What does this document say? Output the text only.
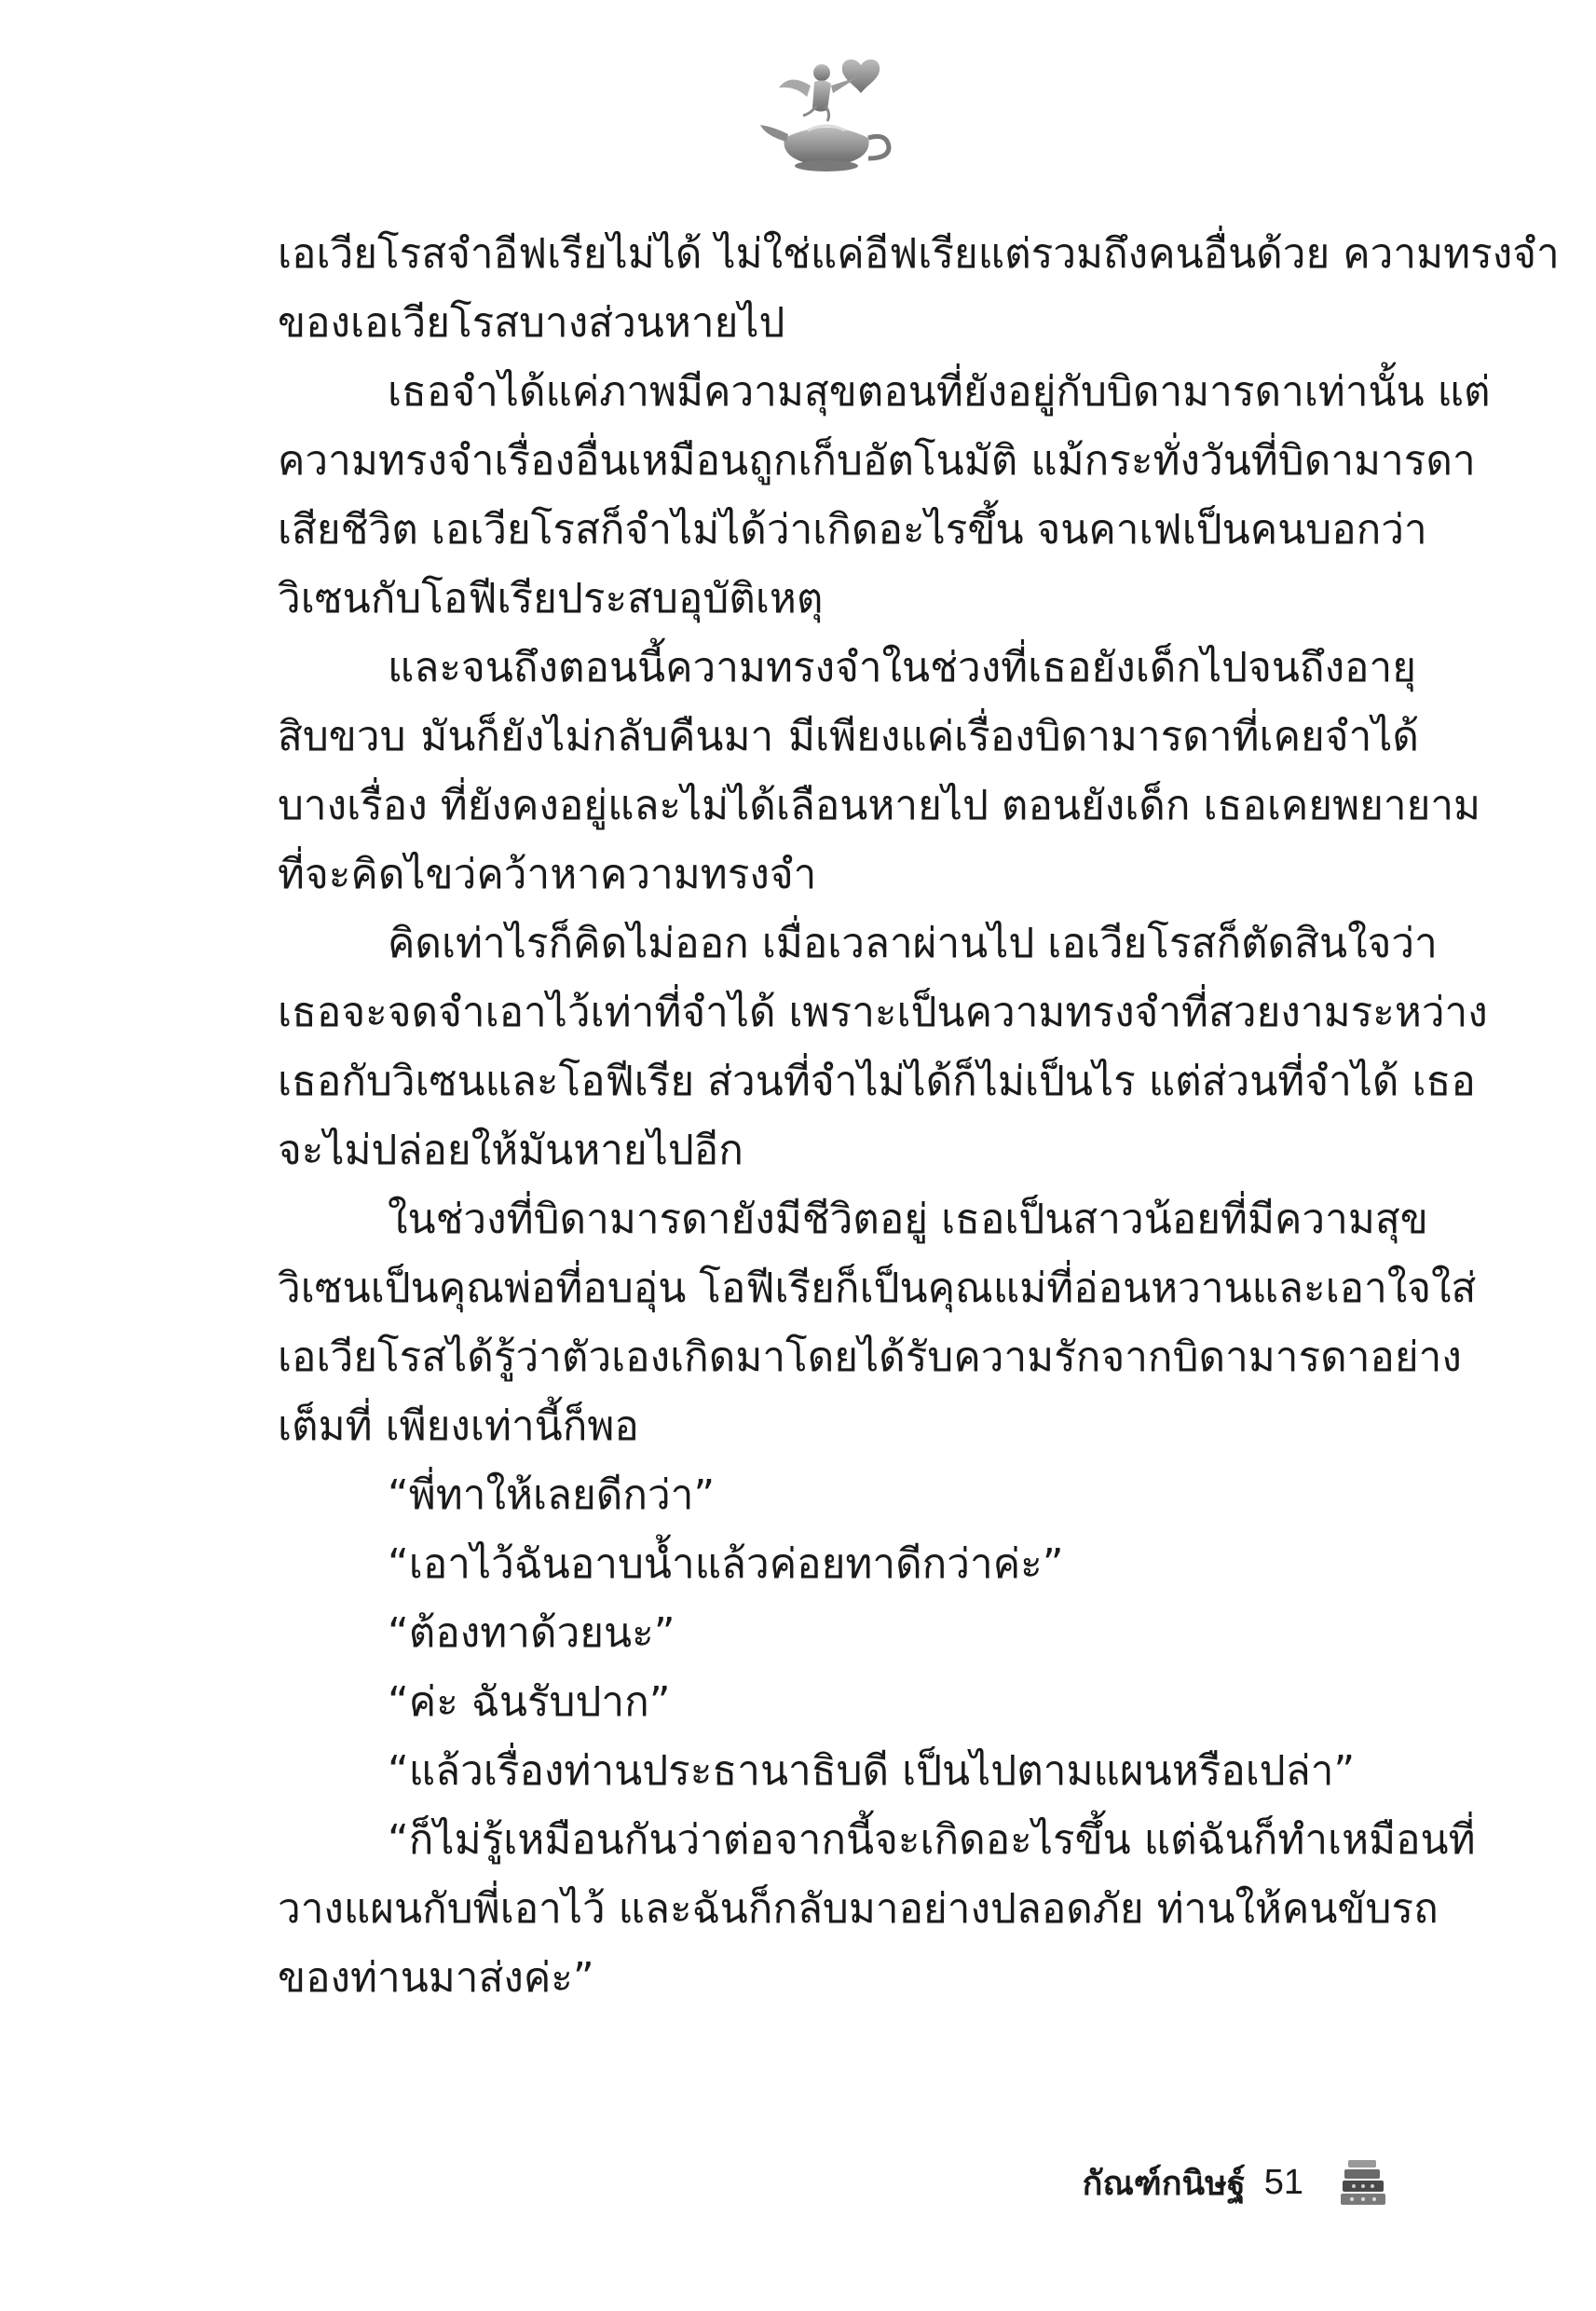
เอเวียโรสจำอีฟเรียไม่ได้ ไม่ใช่แค่อีฟเรียแต่รวมถึงคนอื่นด้วย ความทรงจำ
ของเอเวียโรสบางส่วนหายไป
เธอจำได้แค่ภาพมีความสุขตอนที่ยังอยู่กับบิดามารดาเท่านั้น แต่
ความทรงจำเรื่องอื่นเหมือนถูกเก็บอัตโนมัติ แม้กระทั่งวันที่บิดามารดา
เสียชีวิต เอเวียโรสก็จำไม่ได้ว่าเกิดอะไรขึ้น จนคาเฟเป็นคนบอกว่า
วิเซนกับโอฟีเรียประสบอุบัติเหตุ
และจนถึงตอนนี้ความทรงจำในช่วงที่เธอยังเด็กไปจนถึงอายุ
สิบขวบ มันก็ยังไม่กลับคืนมา มีเพียงแค่เรื่องบิดามารดาที่เคยจำได้
บางเรื่อง ที่ยังคงอยู่และไม่ได้เลือนหายไป ตอนยังเด็ก เธอเคยพยายาม
ที่จะคิดไขว่คว้าหาความทรงจำ
คิดเท่าไรก็คิดไม่ออก เมื่อเวลาผ่านไป เอเวียโรสก็ตัดสินใจว่า
เธอจะจดจำเอาไว้เท่าที่จำได้ เพราะเป็นความทรงจำที่สวยงามระหว่าง
เธอกับวิเซนและโอฟีเรีย ส่วนที่จำไม่ได้ก็ไม่เป็นไร แต่ส่วนที่จำได้ เธอ
จะไม่ปล่อยให้มันหายไปอีก
ในช่วงที่บิดามารดายังมีชีวิตอยู่ เธอเป็นสาวน้อยที่มีความสุข
วิเซนเป็นคุณพ่อที่อบอุ่น โอฟีเรียก็เป็นคุณแม่ที่อ่อนหวานและเอาใจใส่
เอเวียโรสได้รู้ว่าตัวเองเกิดมาโดยได้รับความรักจากบิดามารดาอย่าง
เต็มที่ เพียงเท่านี้ก็พอ
“พี่ทาให้เลยดีกว่า”
“เอาไว้ฉันอาบน้ำแล้วค่อยทาดีกว่าค่ะ”
“ต้องทาด้วยนะ”
“ค่ะ ฉันรับปาก”
“แล้วเรื่องท่านประธานาธิบดี เป็นไปตามแผนหรือเปล่า”
“ก็ไม่รู้เหมือนกันว่าต่อจากนี้จะเกิดอะไรขึ้น แต่ฉันก็ทำเหมือนที่
วางแผนกับพี่เอาไว้ และฉันก็กลับมาอย่างปลอดภัย ท่านให้คนขับรถ
ของท่านมาส่งค่ะ”
กัณฑ์กนิษฐ์ 51
